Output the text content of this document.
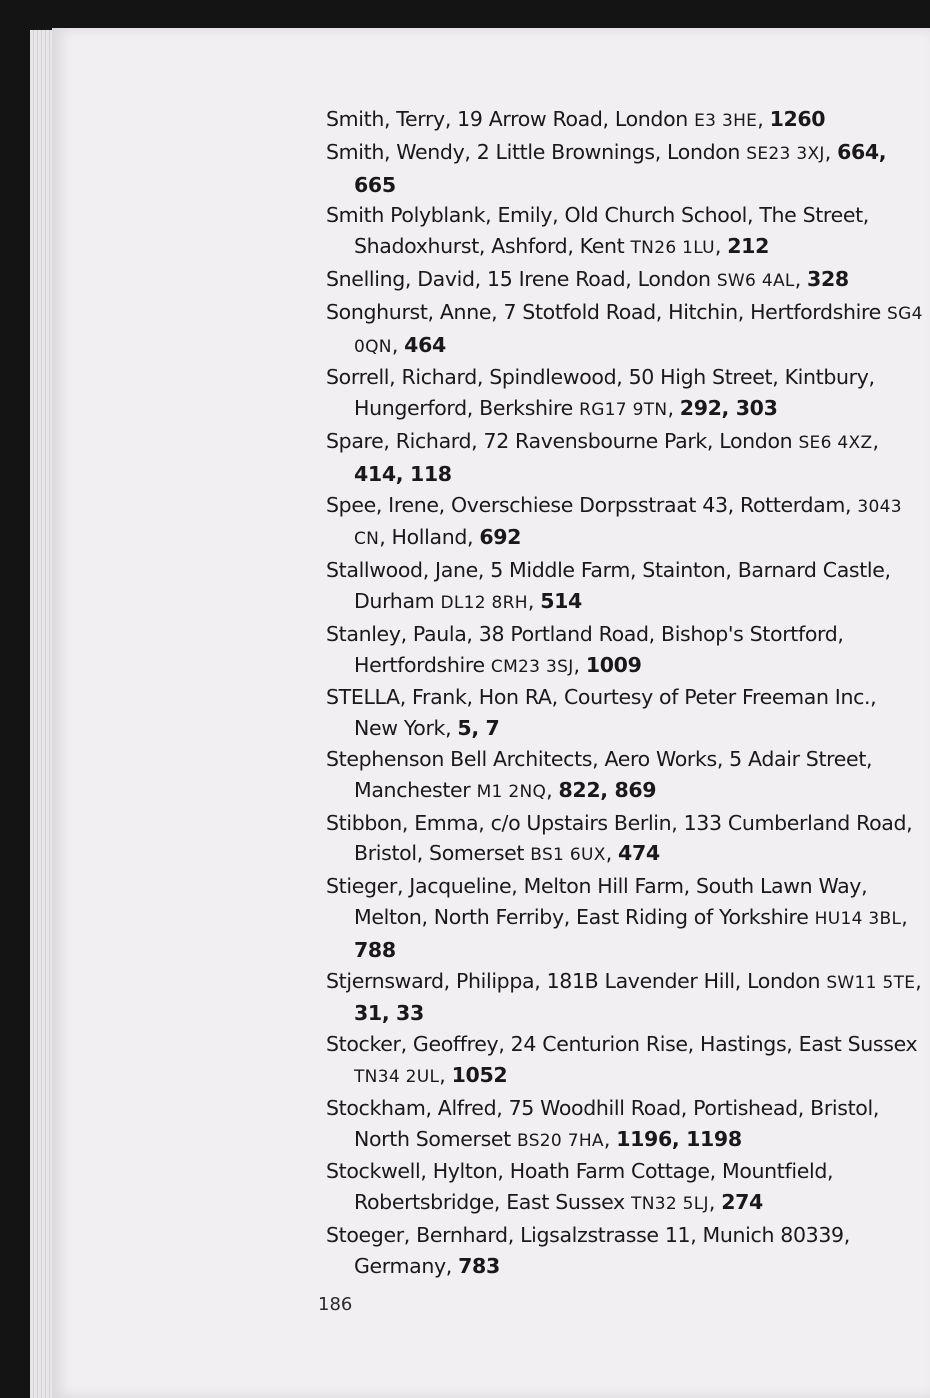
Smith, Terry, 19 Arrow Road, London E3 3HE, 1260
Smith, Wendy, 2 Little Brownings, London SE23 3XJ, 664, 665
Smith Polyblank, Emily, Old Church School, The Street, Shadoxhurst, Ashford, Kent TN26 1LU, 212
Snelling, David, 15 Irene Road, London SW6 4AL, 328
Songhurst, Anne, 7 Stotfold Road, Hitchin, Hertfordshire SG4 0QN, 464
Sorrell, Richard, Spindlewood, 50 High Street, Kintbury, Hungerford, Berkshire RG17 9TN, 292, 303
Spare, Richard, 72 Ravensbourne Park, London SE6 4XZ, 414, 118
Spee, Irene, Overschiese Dorpsstraat 43, Rotterdam, 3043 CN, Holland, 692
Stallwood, Jane, 5 Middle Farm, Stainton, Barnard Castle, Durham DL12 8RH, 514
Stanley, Paula, 38 Portland Road, Bishop's Stortford, Hertfordshire CM23 3SJ, 1009
STELLA, Frank, Hon RA, Courtesy of Peter Freeman Inc., New York, 5, 7
Stephenson Bell Architects, Aero Works, 5 Adair Street, Manchester M1 2NQ, 822, 869
Stibbon, Emma, c/o Upstairs Berlin, 133 Cumberland Road, Bristol, Somerset BS1 6UX, 474
Stieger, Jacqueline, Melton Hill Farm, South Lawn Way, Melton, North Ferriby, East Riding of Yorkshire HU14 3BL, 788
Stjernsward, Philippa, 181B Lavender Hill, London SW11 5TE, 31, 33
Stocker, Geoffrey, 24 Centurion Rise, Hastings, East Sussex TN34 2UL, 1052
Stockham, Alfred, 75 Woodhill Road, Portishead, Bristol, North Somerset BS20 7HA, 1196, 1198
Stockwell, Hylton, Hoath Farm Cottage, Mountfield, Robertsbridge, East Sussex TN32 5LJ, 274
Stoeger, Bernhard, Ligsalzstrasse 11, Munich 80339, Germany, 783
186
